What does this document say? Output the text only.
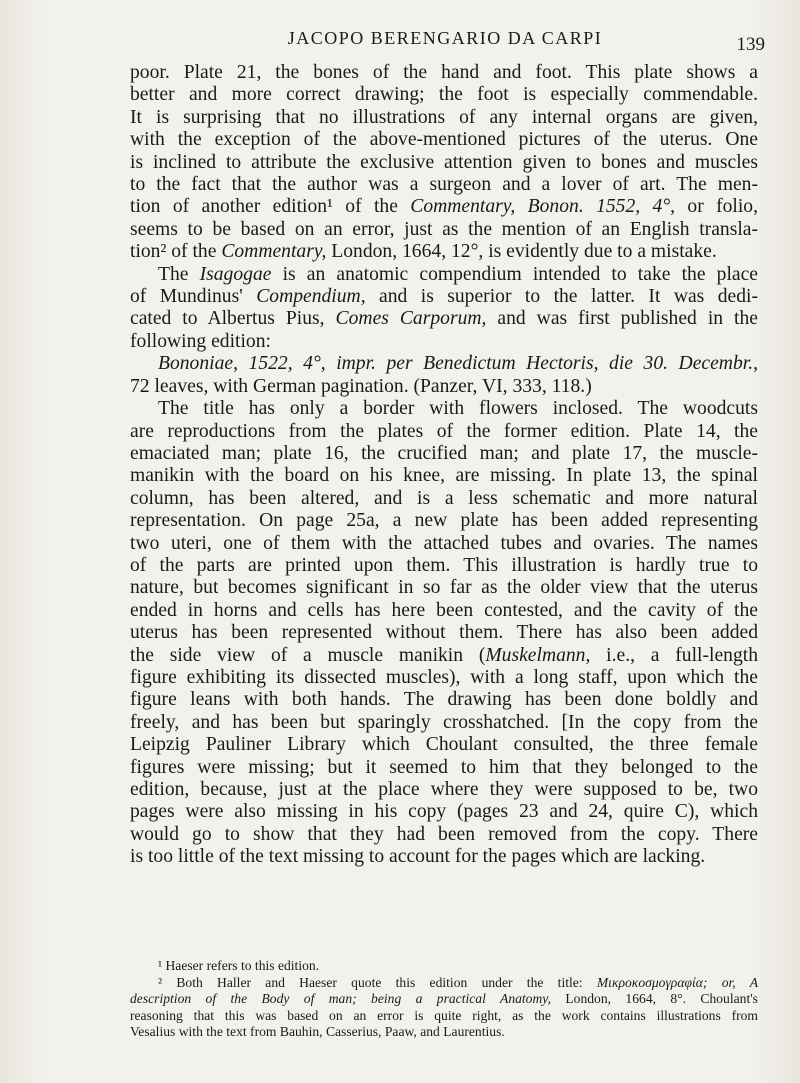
JACOPO BERENGARIO DA CARPI	139
poor. Plate 21, the bones of the hand and foot. This plate shows a
better and more correct drawing; the foot is especially commendable.
It is surprising that no illustrations of any internal organs are given,
with the exception of the above-mentioned pictures of the uterus. One
is inclined to attribute the exclusive attention given to bones and muscles
to the fact that the author was a surgeon and a lover of art. The men-
tion of another edition¹ of the Commentary, Bonon. 1552, 4°, or folio,
seems to be based on an error, just as the mention of an English transla-
tion² of the Commentary, London, 1664, 12°, is evidently due to a mistake.
The Isagogae is an anatomic compendium intended to take the place
of Mundinus' Compendium, and is superior to the latter. It was dedi-
cated to Albertus Pius, Comes Carporum, and was first published in the
following edition:
Bononiae, 1522, 4°, impr. per Benedictum Hectoris, die 30. Decembr.,
72 leaves, with German pagination. (Panzer, VI, 333, 118.)
The title has only a border with flowers inclosed. The woodcuts
are reproductions from the plates of the former edition. Plate 14, the
emaciated man; plate 16, the crucified man; and plate 17, the muscle-
manikin with the board on his knee, are missing. In plate 13, the spinal
column, has been altered, and is a less schematic and more natural
representation. On page 25a, a new plate has been added representing
two uteri, one of them with the attached tubes and ovaries. The names
of the parts are printed upon them. This illustration is hardly true to
nature, but becomes significant in so far as the older view that the uterus
ended in horns and cells has here been contested, and the cavity of the
uterus has been represented without them. There has also been added
the side view of a muscle manikin (Muskelmann, i.e., a full-length
figure exhibiting its dissected muscles), with a long staff, upon which the
figure leans with both hands. The drawing has been done boldly and
freely, and has been but sparingly crosshatched. [In the copy from the
Leipzig Pauliner Library which Choulant consulted, the three female
figures were missing; but it seemed to him that they belonged to the
edition, because, just at the place where they were supposed to be, two
pages were also missing in his copy (pages 23 and 24, quire C), which
would go to show that they had been removed from the copy. There
is too little of the text missing to account for the pages which are lacking.
¹ Haeser refers to this edition.
² Both Haller and Haeser quote this edition under the title: Μικροκοσμογραφία; or, A
description of the Body of man; being a practical Anatomy, London, 1664, 8°. Choulant's
reasoning that this was based on an error is quite right, as the work contains illustrations from
Vesalius with the text from Bauhin, Casserius, Paaw, and Laurentius.
